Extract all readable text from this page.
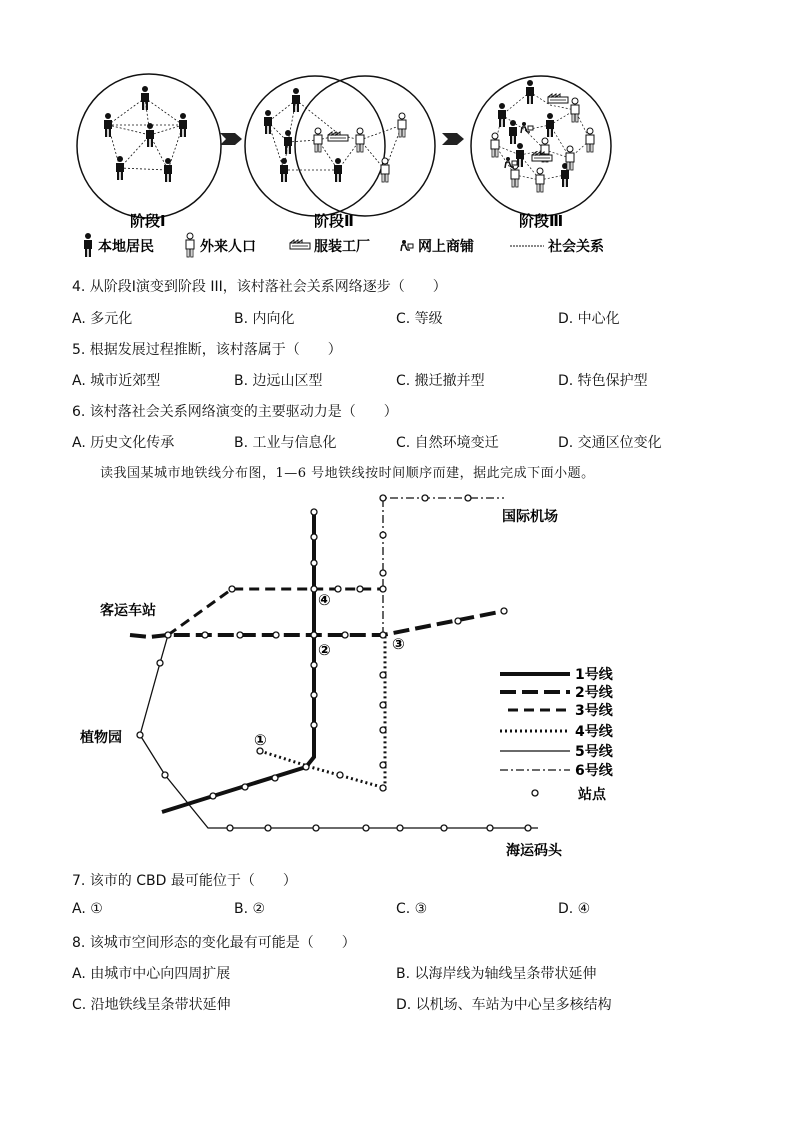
阶段Ⅰ	阶段Ⅱ	阶段Ⅲ
本地居民	外来人口	服装工厂	网上商铺	社会关系
4. 从阶段Ⅰ演变到阶段 III，该村落社会关系网络逐步（　　）
A. 多元化	B. 内向化	C. 等级	D. 中心化
5. 根据发展过程推断，该村落属于（　　）
A. 城市近郊型	B. 边远山区型	C. 搬迁撤并型	D. 特色保护型
6. 该村落社会关系网络演变的主要驱动力是（　　）
A. 历史文化传承	B. 工业与信息化	C. 自然环境变迁	D. 交通区位变化
读我国某城市地铁线分布图，1—6 号地铁线按时间顺序而建，据此完成下面小题。
国际机场
客运车站
植物园
海运码头
①
②	③
④
1号线
2号线
3号线
4号线
5号线
6号线
站点
7. 该市的 CBD 最可能位于（　　）
A. ①	B. ②	C. ③	D. ④
8. 该城市空间形态的变化最有可能是（　　）
A. 由城市中心向四周扩展	B. 以海岸线为轴线呈条带状延伸
C. 沿地铁线呈条带状延伸	D. 以机场、车站为中心呈多核结构
